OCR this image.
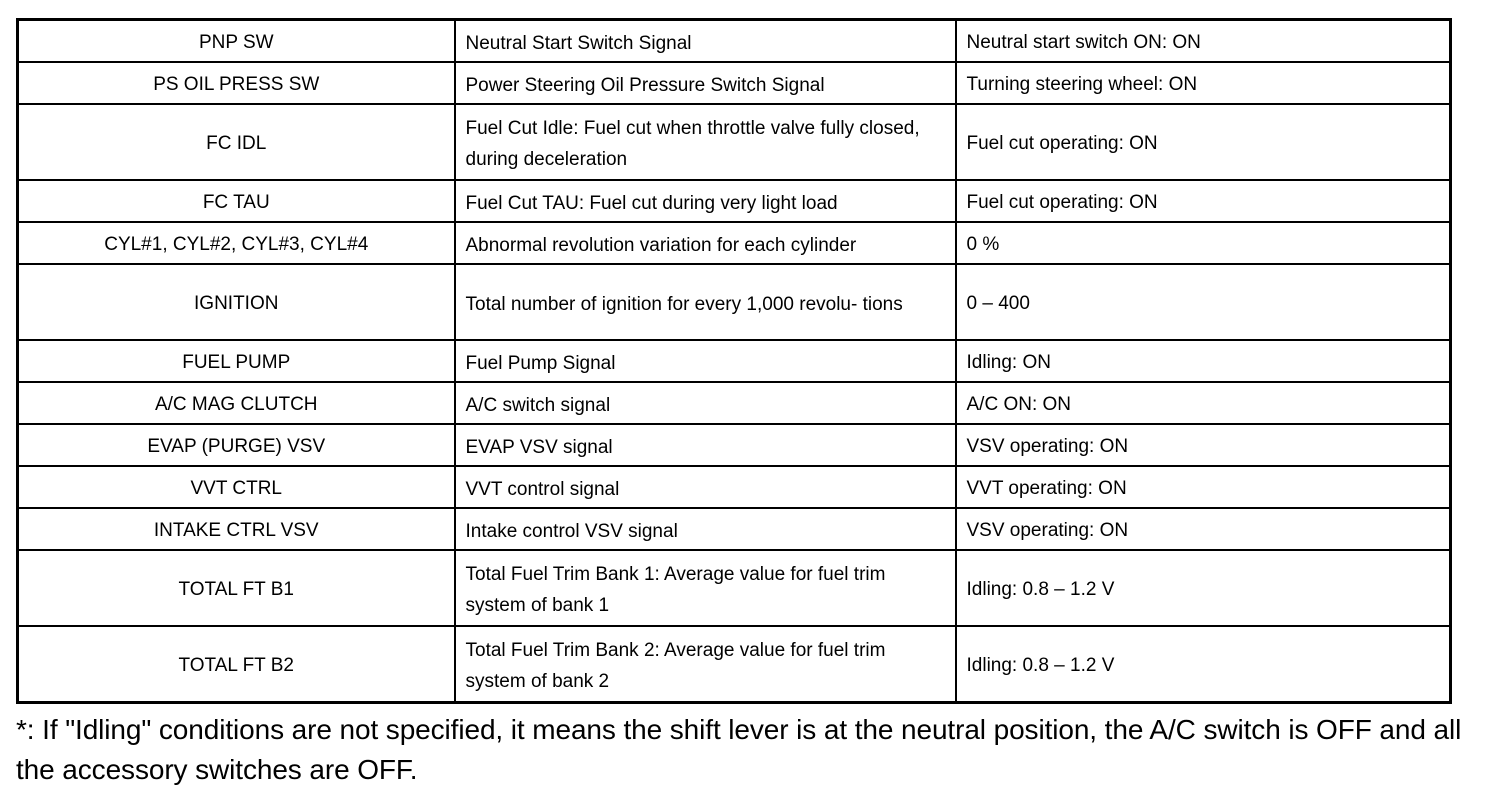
PNP SW	Neutral Start Switch Signal	Neutral start switch ON: ON
PS OIL PRESS SW	Power Steering Oil Pressure Switch Signal	Turning steering wheel: ON
FC IDL	Fuel Cut Idle: Fuel cut when throttle valve fully closed, during deceleration	Fuel cut operating: ON
FC TAU	Fuel Cut TAU: Fuel cut during very light load	Fuel cut operating: ON
CYL#1, CYL#2, CYL#3, CYL#4	Abnormal revolution variation for each cylinder	0 %
IGNITION	Total number of ignition for every 1,000 revolu- tions	0 – 400
FUEL PUMP	Fuel Pump Signal	Idling: ON
A/C MAG CLUTCH	A/C switch signal	A/C ON: ON
EVAP (PURGE) VSV	EVAP VSV signal	VSV operating: ON
VVT CTRL	VVT control signal	VVT operating: ON
INTAKE CTRL VSV	Intake control VSV signal	VSV operating: ON
TOTAL FT B1	Total Fuel Trim Bank 1: Average value for fuel trim system of bank 1	Idling: 0.8 – 1.2 V
TOTAL FT B2	Total Fuel Trim Bank 2: Average value for fuel trim system of bank 2	Idling: 0.8 – 1.2 V
*: If "Idling" conditions are not specified, it means the shift lever is at the neutral position, the A/C switch is OFF and all the accessory switches are OFF.
